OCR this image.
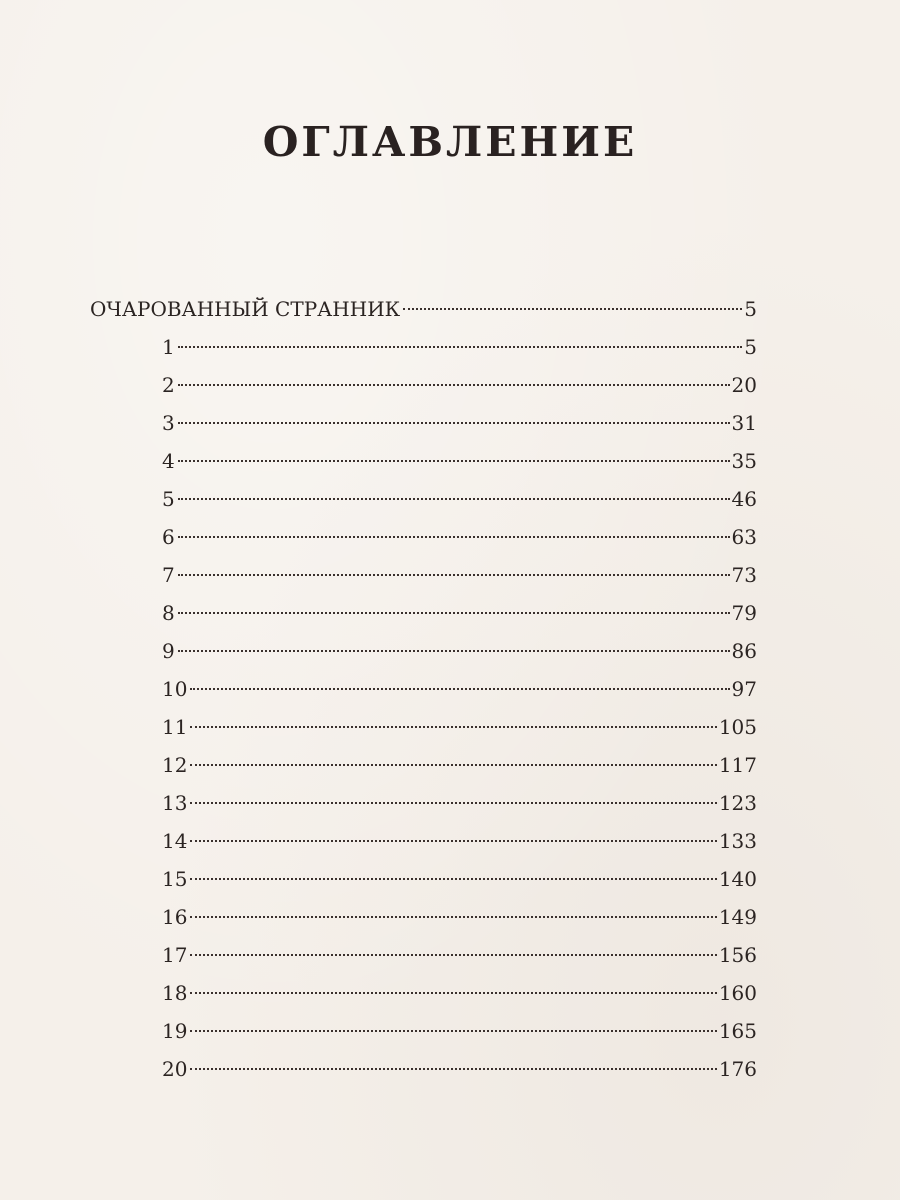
ОГЛАВЛЕНИЕ
ОЧАРОВАННЫЙ СТРАННИК	5
1	5
2	20
3	31
4	35
5	46
6	63
7	73
8	79
9	86
10	97
11	105
12	117
13	123
14	133
15	140
16	149
17	156
18	160
19	165
20	176
